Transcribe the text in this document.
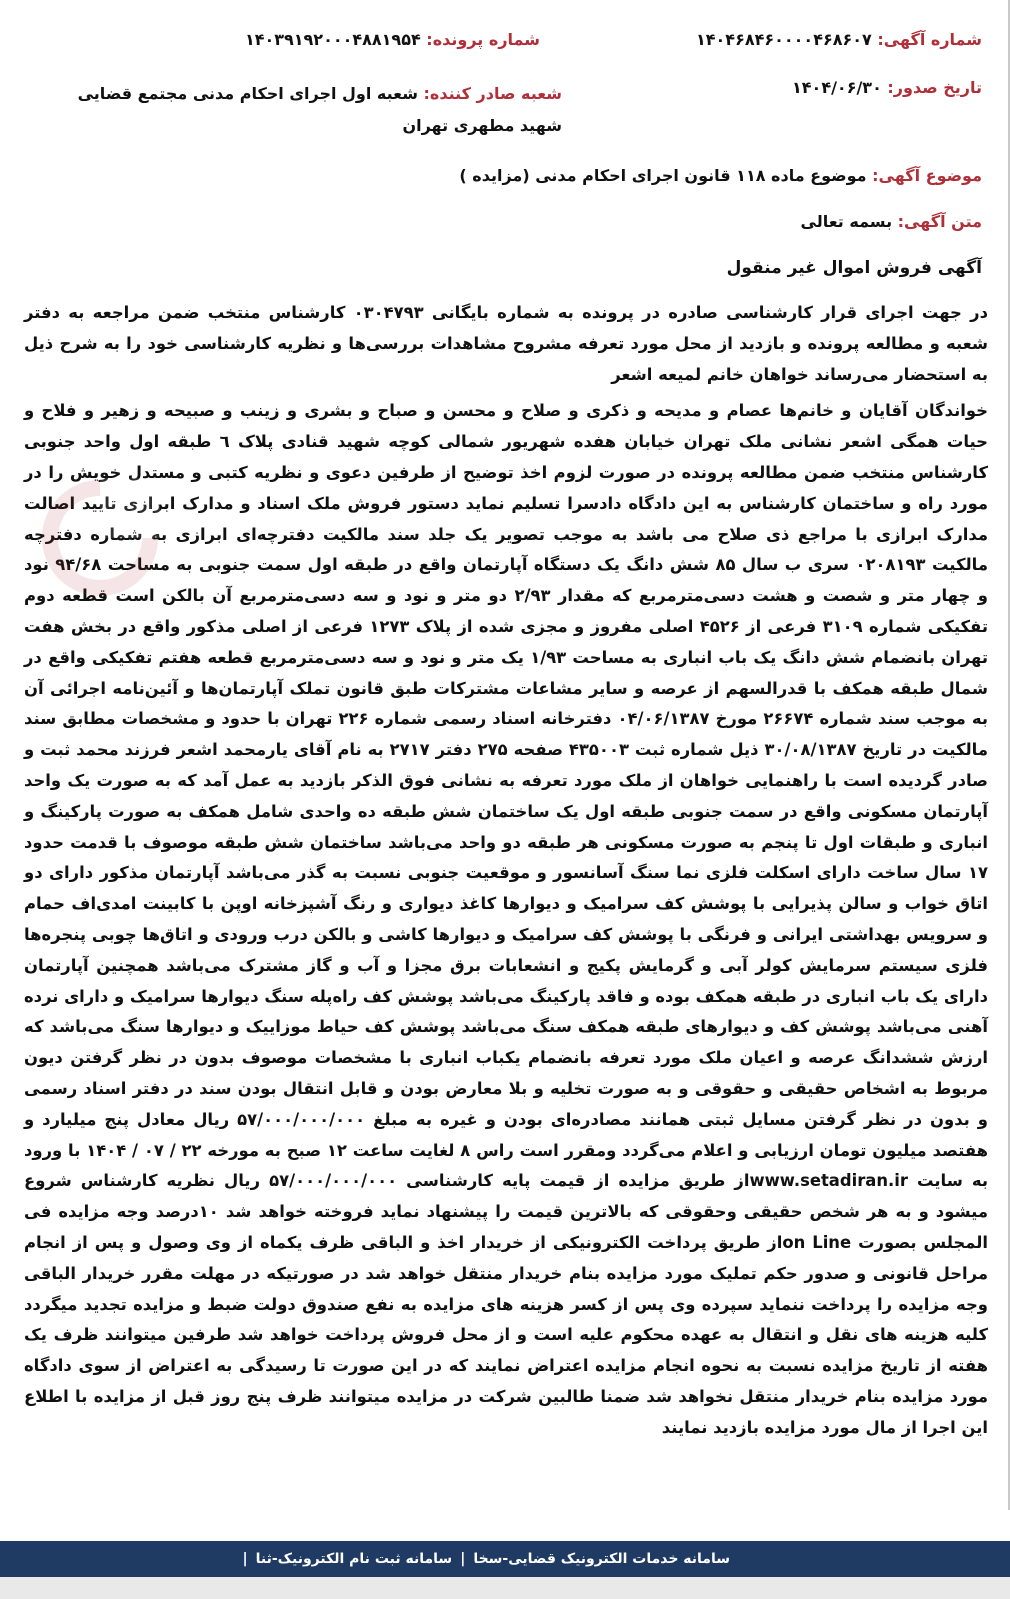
شماره آگهی: ۱۴۰۴۶۸۴۶۰۰۰۰۴۶۸۶۰۷
شماره پرونده: ۱۴۰۳۹۱۹۲۰۰۰۴۸۸۱۹۵۴
تاریخ صدور: ۱۴۰۴/۰۶/۳۰
شعبه صادر کننده: شعبه اول اجرای احکام مدنی مجتمع قضایی شهید مطهری تهران
موضوع آگهی: موضوع ماده ۱۱۸ قانون اجرای احکام مدنی (مزایده )
متن آگهی: بسمه تعالی
آگهی فروش اموال غیر منقول

در جهت اجرای قرار کارشناسی صادره در پرونده به شماره بایگانی ۰۳۰۴۷۹۳ کارشناس منتخب ضمن مراجعه به دفتر شعبه و مطالعه پرونده و بازدید از محل مورد تعرفه مشروح مشاهدات بررسی‌ها و نظریه کارشناسی خود را به شرح ذیل به استحضار می‌رساند خواهان خانم لمیعه اشعر

خواندگان آقایان و خانم‌ها عصام و مدیحه و ذکری و صلاح و محسن و صباح و بشری و زینب و صبیحه و زهیر و فلاح و حیات همگی اشعر نشانی ملک تهران خیابان هفده شهریور شمالی کوچه شهید قنادی پلاک ٦ طبقه اول واحد جنوبی کارشناس منتخب ضمن مطالعه پرونده در صورت لزوم اخذ توضیح از طرفین دعوی و نظریه کتبی و مستدل خویش را در مورد راه و ساختمان کارشناس به این دادگاه دادسرا تسلیم نماید دستور فروش ملک اسناد و مدارک ابرازی تایید اصالت مدارک ابرازی با مراجع ذی صلاح می باشد به موجب تصویر یک جلد سند مالکیت دفترچه‌ای ابرازی به شماره دفترچه مالکیت ۰۲۰۸۱۹۳ سری ب سال ۸۵ شش دانگ یک دستگاه آپارتمان واقع در طبقه اول سمت جنوبی به مساحت ۹۴/۶۸ نود و چهار متر و شصت و هشت دسی‌مترمربع که مقدار ۲/۹۳ دو متر و نود و سه دسی‌مترمربع آن بالکن است قطعه دوم تفکیکی شماره ۳۱۰۹ فرعی از ۴۵۲۶ اصلی مفروز و مجزی شده از پلاک ۱۲۷۳ فرعی از اصلی مذکور واقع در بخش هفت تهران بانضمام شش دانگ یک باب انباری به مساحت ۱/۹۳ یک متر و نود و سه دسی‌مترمربع قطعه هفتم تفکیکی واقع در شمال طبقه همکف با قدرالسهم از عرصه و سایر مشاعات مشترکات طبق قانون تملک آپارتمان‌ها و آئین‌نامه اجرائی آن به موجب سند شماره ۲۶۶۷۴ مورخ ۰۴/۰۶/۱۳۸۷ دفترخانه اسناد رسمی شماره ۲۲۶ تهران با حدود و مشخصات مطابق سند مالکیت در تاریخ ۳۰/۰۸/۱۳۸۷ ذیل شماره ثبت ۴۳۵۰۰۳ صفحه ۲۷۵ دفتر ۲۷۱۷ به نام آقای یارمحمد اشعر فرزند محمد ثبت و صادر گردیده است با راهنمایی خواهان از ملک مورد تعرفه به نشانی فوق الذکر بازدید به عمل آمد که به صورت یک واحد آپارتمان مسکونی واقع در سمت جنوبی طبقه اول یک ساختمان شش طبقه ده واحدی شامل همکف به صورت پارکینگ و انباری و طبقات اول تا پنجم به صورت مسکونی هر طبقه دو واحد می‌باشد ساختمان شش طبقه موصوف با قدمت حدود ۱۷ سال ساخت دارای اسکلت فلزی نما سنگ آسانسور و موقعیت جنوبی نسبت به گذر می‌باشد آپارتمان مذکور دارای دو اتاق خواب و سالن پذیرایی با پوشش کف سرامیک و دیوارها کاغذ دیواری و رنگ آشپزخانه اوپن با کابینت امدی‌اف حمام و سرویس بهداشتی ایرانی و فرنگی با پوشش کف سرامیک و دیوارها کاشی و بالکن درب ورودی و اتاق‌ها چوبی پنجره‌ها فلزی سیستم سرمایش کولر آبی و گرمایش پکیج و انشعابات برق مجزا و آب و گاز مشترک می‌باشد همچنین آپارتمان دارای یک باب انباری در طبقه همکف بوده و فاقد پارکینگ می‌باشد پوشش کف راه‌پله سنگ دیوارها سرامیک و دارای نرده آهنی می‌باشد پوشش کف و دیوارهای طبقه همکف سنگ می‌باشد پوشش کف حیاط موزاییک و دیوارها سنگ می‌باشد که ارزش ششدانگ عرصه و اعیان ملک مورد تعرفه بانضمام یکباب انباری با مشخصات موصوف بدون در نظر گرفتن دیون مربوط به اشخاص حقیقی و حقوقی و به صورت تخلیه و بلا معارض بودن و قابل انتقال بودن سند در دفتر اسناد رسمی و بدون در نظر گرفتن مسایل ثبتی همانند مصادره‌ای بودن و غیره به مبلغ ۵۷/۰۰۰/۰۰۰/۰۰۰ ریال معادل پنج میلیارد و هفتصد میلیون تومان ارزیابی و اعلام می‌گردد ومقرر است راس ۸ لغایت ساعت ۱۲ صبح به مورخه ۲۲ / ۰۷ / ۱۴۰۴ با ورود به سایت www.setadiran.irاز طریق مزایده از قیمت پایه کارشناسی ۵۷/۰۰۰/۰۰۰/۰۰۰ ریال نظریه کارشناس شروع میشود و به هر شخص حقیقی وحقوقی که بالاترین قیمت را پیشنهاد نماید فروخته خواهد شد ۱۰درصد وجه مزایده فی المجلس بصورت on Lineاز طریق پرداخت الکترونیکی از خریدار اخذ و الباقی ظرف یکماه از وی وصول و پس از انجام مراحل قانونی و صدور حکم تملیک مورد مزایده بنام خریدار منتقل خواهد شد در صورتیکه در مهلت مقرر خریدار الباقی وجه مزایده را پرداخت ننماید سپرده وی پس از کسر هزینه های مزایده به نفع صندوق دولت ضبط و مزایده تجدید میگردد کلیه هزینه های نقل و انتقال به عهده محکوم علیه است و از محل فروش پرداخت خواهد شد طرفین میتوانند ظرف یک هفته از تاریخ مزایده نسبت به نحوه انجام مزایده اعتراض نمایند که در این صورت تا رسیدگی به اعتراض از سوی دادگاه مورد مزایده بنام خریدار منتقل نخواهد شد ضمنا طالبین شرکت در مزایده میتوانند ظرف پنج روز قبل از مزایده با اطلاع این اجرا از مال مورد مزایده بازدید نمایند

سامانه خدمات الکترونیک قضایی-سخا
|
سامانه ثبت نام الکترونیک-ثنا
|
